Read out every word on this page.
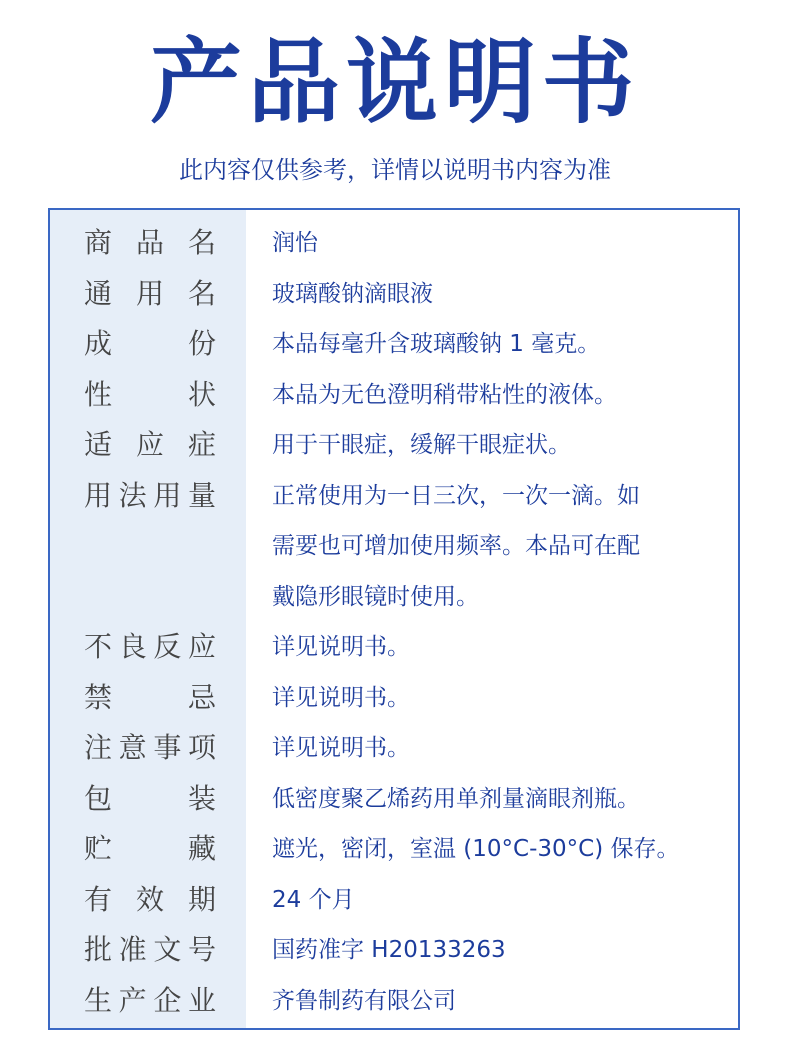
产品说明书
此内容仅供参考，详情以说明书内容为准
商品名	润怡
通用名	玻璃酸钠滴眼液
成份	本品每毫升含玻璃酸钠 1 毫克。
性状	本品为无色澄明稍带粘性的液体。
适应症	用于干眼症，缓解干眼症状。
用法用量	正常使用为一日三次，一次一滴。如
需要也可增加使用频率。本品可在配
戴隐形眼镜时使用。
不良反应	详见说明书。
禁忌	详见说明书。
注意事项	详见说明书。
包装	低密度聚乙烯药用单剂量滴眼剂瓶。
贮藏	遮光，密闭，室温 (10°C-30°C) 保存。
有效期	24 个月
批准文号	国药准字 H20133263
生产企业	齐鲁制药有限公司
